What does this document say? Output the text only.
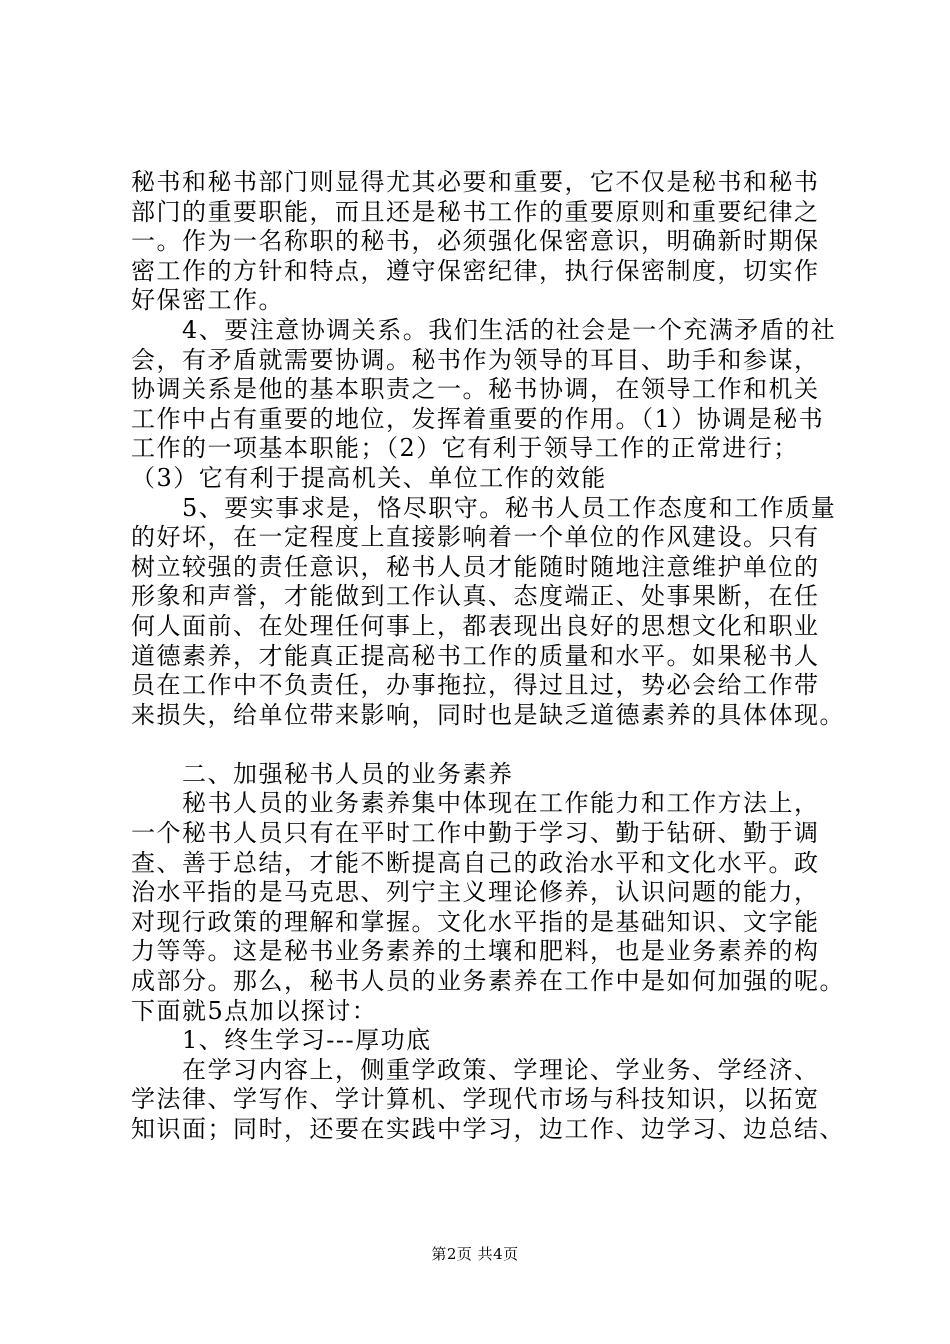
秘书和秘书部门则显得尤其必要和重要，它不仅是秘书和秘书
部门的重要职能，而且还是秘书工作的重要原则和重要纪律之
一。作为一名称职的秘书，必须强化保密意识，明确新时期保
密工作的方针和特点，遵守保密纪律，执行保密制度，切实作
好保密工作。
　　4、要注意协调关系。我们生活的社会是一个充满矛盾的社
会，有矛盾就需要协调。秘书作为领导的耳目、助手和参谋，
协调关系是他的基本职责之一。秘书协调，在领导工作和机关
工作中占有重要的地位，发挥着重要的作用。（1）协调是秘书
工作的一项基本职能；（2）它有利于领导工作的正常进行；
（3）它有利于提高机关、单位工作的效能
　　5、要实事求是，恪尽职守。秘书人员工作态度和工作质量
的好坏，在一定程度上直接影响着一个单位的作风建设。只有
树立较强的责任意识，秘书人员才能随时随地注意维护单位的
形象和声誉，才能做到工作认真、态度端正、处事果断，在任
何人面前、在处理任何事上，都表现出良好的思想文化和职业
道德素养，才能真正提高秘书工作的质量和水平。如果秘书人
员在工作中不负责任，办事拖拉，得过且过，势必会给工作带
来损失，给单位带来影响，同时也是缺乏道德素养的具体体现。
　　二、加强秘书人员的业务素养
　　秘书人员的业务素养集中体现在工作能力和工作方法上，
一个秘书人员只有在平时工作中勤于学习、勤于钻研、勤于调
查、善于总结，才能不断提高自己的政治水平和文化水平。政
治水平指的是马克思、列宁主义理论修养，认识问题的能力，
对现行政策的理解和掌握。文化水平指的是基础知识、文字能
力等等。这是秘书业务素养的土壤和肥料，也是业务素养的构
成部分。那么，秘书人员的业务素养在工作中是如何加强的呢。
下面就5点加以探讨：
　　1、终生学习---厚功底
　　在学习内容上，侧重学政策、学理论、学业务、学经济、
学法律、学写作、学计算机、学现代市场与科技知识，以拓宽
知识面；同时，还要在实践中学习，边工作、边学习、边总结、
第2页 共4页
